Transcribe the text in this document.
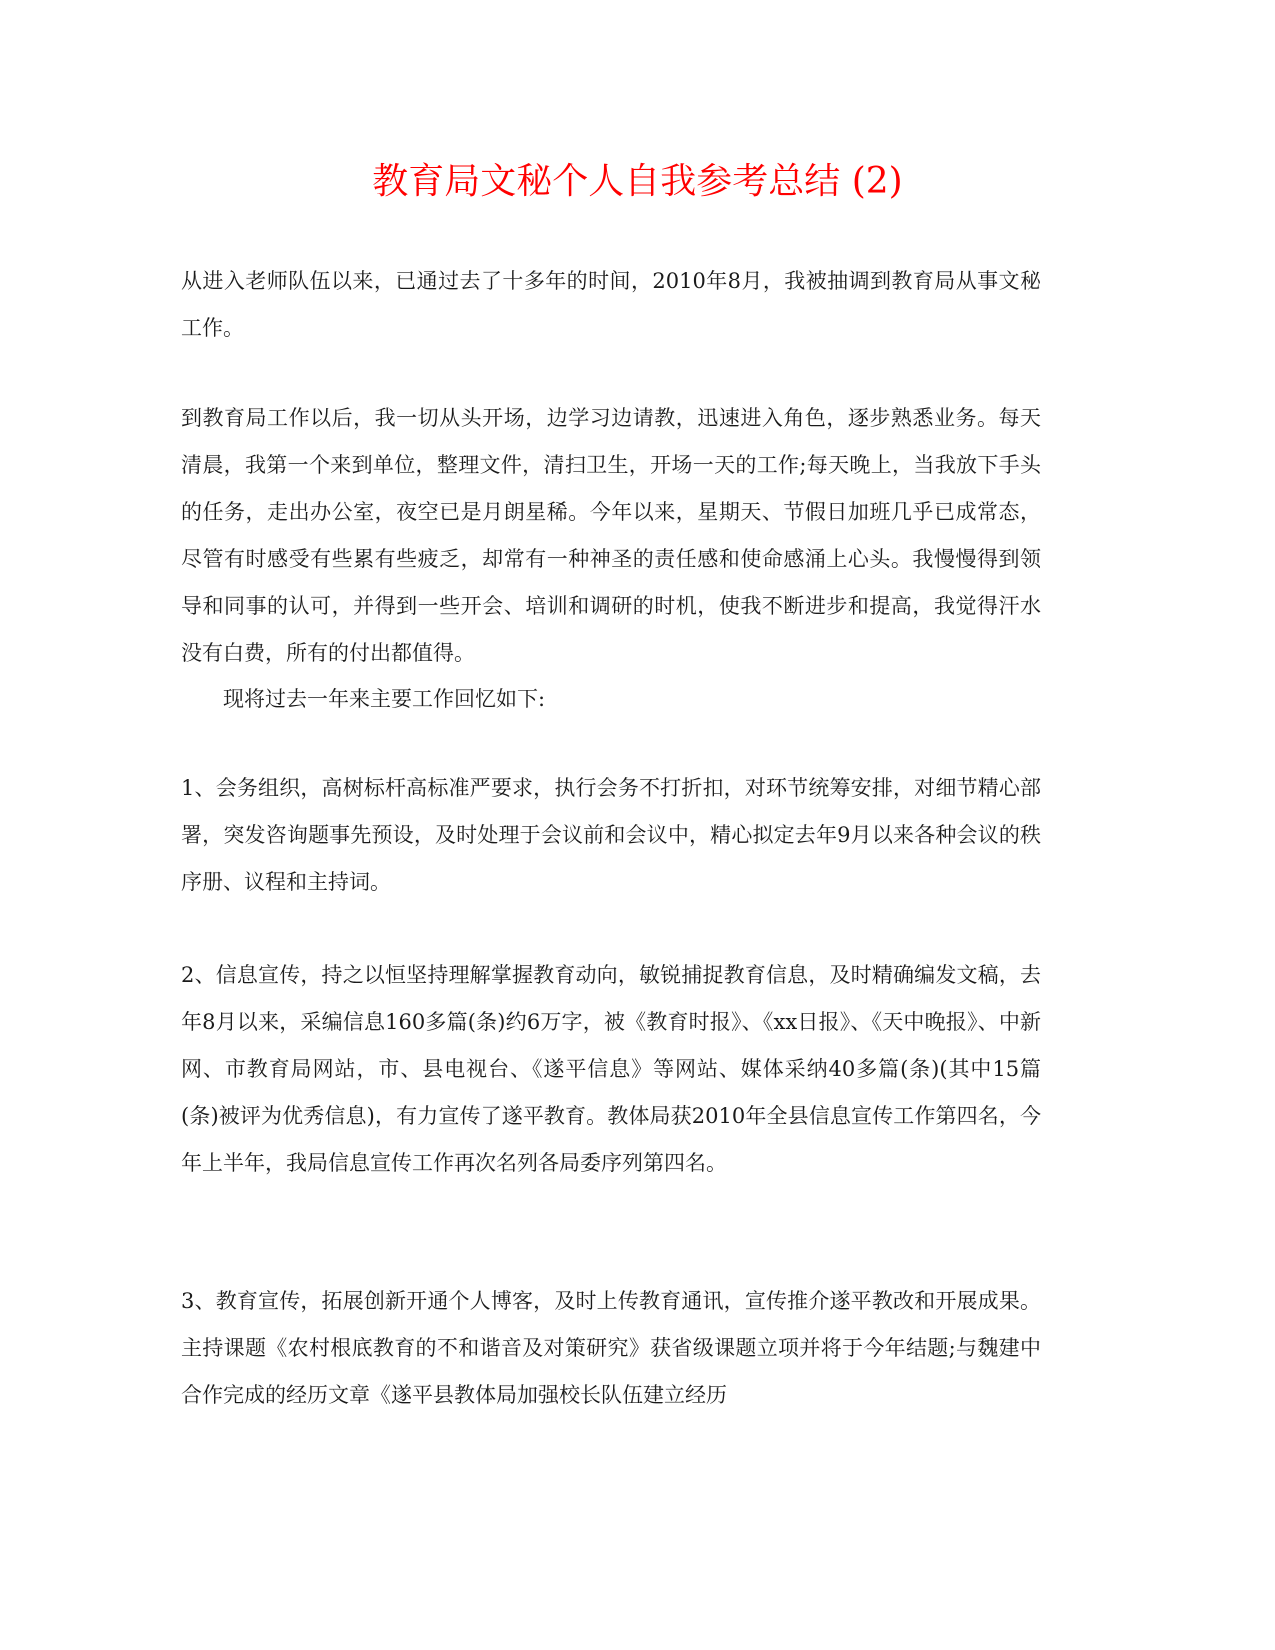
教育局文秘个人自我参考总结 (2)

从进入老师队伍以来，已通过去了十多年的时间，2010年8月，我被抽调到教育局从事文秘工作。

到教育局工作以后，我一切从头开场，边学习边请教，迅速进入角色，逐步熟悉业务。每天清晨，我第一个来到单位，整理文件，清扫卫生，开场一天的工作;每天晚上，当我放下手头的任务，走出办公室，夜空已是月朗星稀。今年以来，星期天、节假日加班几乎已成常态，尽管有时感受有些累有些疲乏，却常有一种神圣的责任感和使命感涌上心头。我慢慢得到领导和同事的认可，并得到一些开会、培训和调研的时机，使我不断进步和提高，我觉得汗水没有白费，所有的付出都值得。

现将过去一年来主要工作回忆如下:

1、会务组织，高树标杆高标准严要求，执行会务不打折扣，对环节统筹安排，对细节精心部署，突发咨询题事先预设，及时处理于会议前和会议中，精心拟定去年9月以来各种会议的秩序册、议程和主持词。

2、信息宣传，持之以恒坚持理解掌握教育动向，敏锐捕捉教育信息，及时精确编发文稿，去年8月以来，采编信息160多篇(条)约6万字，被《教育时报》、《xx日报》、《天中晚报》、中新网、市教育局网站，市、县电视台、《遂平信息》等网站、媒体采纳40多篇(条)(其中15篇(条)被评为优秀信息)，有力宣传了遂平教育。教体局获2010年全县信息宣传工作第四名，今年上半年，我局信息宣传工作再次名列各局委序列第四名。

3、教育宣传，拓展创新开通个人博客，及时上传教育通讯，宣传推介遂平教改和开展成果。主持课题《农村根底教育的不和谐音及对策研究》获省级课题立项并将于今年结题;与魏建中合作完成的经历文章《遂平县教体局加强校长队伍建立经历
